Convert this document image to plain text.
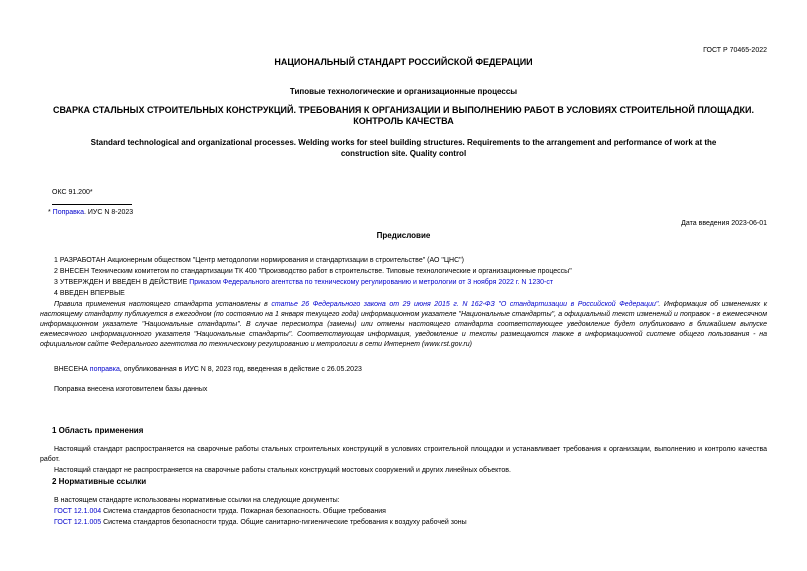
ГОСТ Р 70465-2022
НАЦИОНАЛЬНЫЙ СТАНДАРТ РОССИЙСКОЙ ФЕДЕРАЦИИ
Типовые технологические и организационные процессы
СВАРКА СТАЛЬНЫХ СТРОИТЕЛЬНЫХ КОНСТРУКЦИЙ. ТРЕБОВАНИЯ К ОРГАНИЗАЦИИ И ВЫПОЛНЕНИЮ РАБОТ В УСЛОВИЯХ СТРОИТЕЛЬНОЙ ПЛОЩАДКИ.
КОНТРОЛЬ КАЧЕСТВА
Standard technological and organizational processes. Welding works for steel building structures. Requirements to the arrangement and performance of work at the
construction site. Quality control
ОКС 91.200*
* Поправка. ИУС N 8-2023
Дата введения 2023-06-01
Предисловие
1 РАЗРАБОТАН Акционерным обществом "Центр методологии нормирования и стандартизации в строительстве" (АО "ЦНС")
2 ВНЕСЕН Техническим комитетом по стандартизации ТК 400 "Производство работ в строительстве. Типовые технологические и организационные процессы"
3 УТВЕРЖДЕН И ВВЕДЕН В ДЕЙСТВИЕ Приказом Федерального агентства по техническому регулированию и метрологии от 3 ноября 2022 г. N 1230-ст
4 ВВЕДЕН ВПЕРВЫЕ
Правила применения настоящего стандарта установлены в статье 26 Федерального закона от 29 июня 2015 г. N 162-ФЗ "О стандартизации в Российской Федерации". Информация об изменениях к настоящему стандарту публикуется в ежегодном (по состоянию на 1 января текущего года) информационном указателе "Национальные стандарты", а официальный текст изменений и поправок - в ежемесячном информационном указателе "Национальные стандарты". В случае пересмотра (замены) или отмены настоящего стандарта соответствующее уведомление будет опубликовано в ближайшем выпуске ежемесячного информационного указателя "Национальные стандарты". Соответствующая информация, уведомление и тексты размещаются также в информационной системе общего пользования - на официальном сайте Федерального агентства по техническому регулированию и метрологии в сети Интернет (www.rst.gov.ru)
ВНЕСЕНА поправка, опубликованная в ИУС N 8, 2023 год, введенная в действие с 26.05.2023
Поправка внесена изготовителем базы данных
1 Область применения
Настоящий стандарт распространяется на сварочные работы стальных строительных конструкций в условиях строительной площадки и устанавливает требования к организации, выполнению и контролю качества работ.
Настоящий стандарт не распространяется на сварочные работы стальных конструкций мостовых сооружений и других линейных объектов.
2 Нормативные ссылки
В настоящем стандарте использованы нормативные ссылки на следующие документы:
ГОСТ 12.1.004 Система стандартов безопасности труда. Пожарная безопасность. Общие требования
ГОСТ 12.1.005 Система стандартов безопасности труда. Общие санитарно-гигиенические требования к воздуху рабочей зоны
